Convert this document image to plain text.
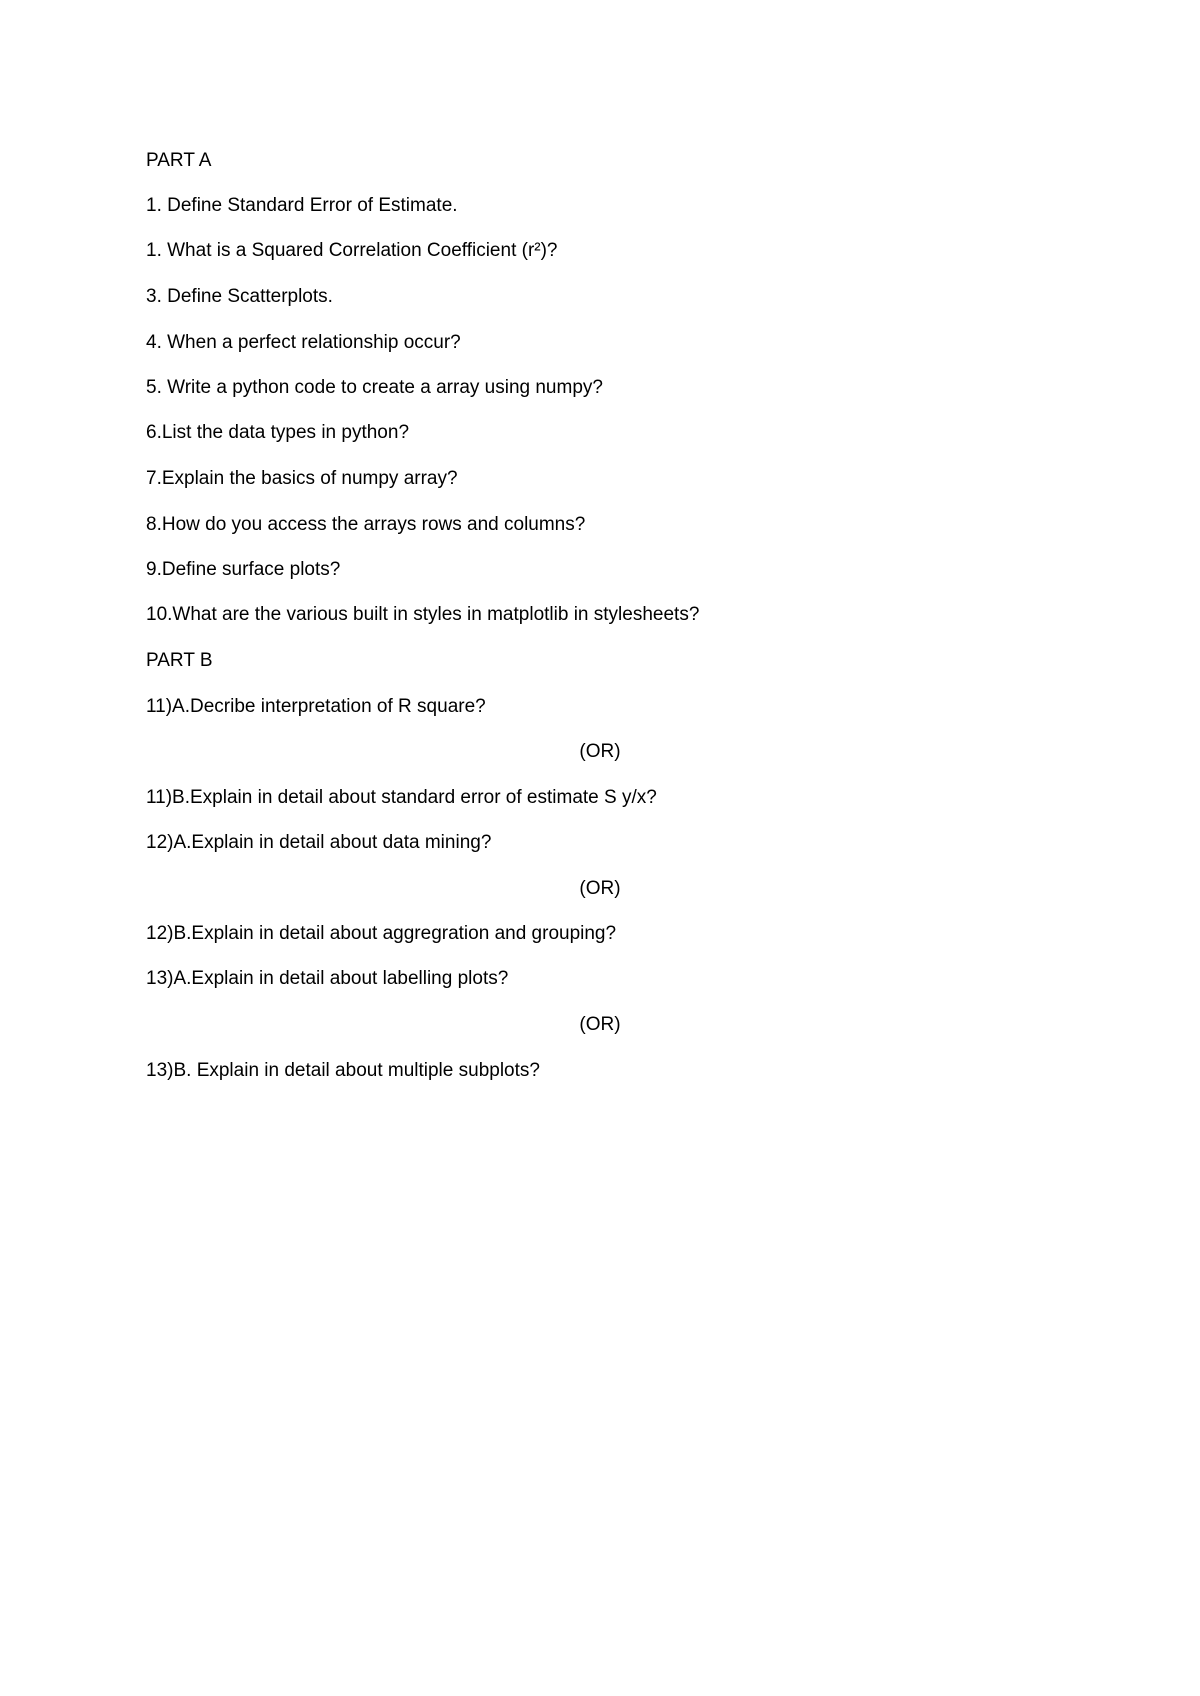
PART A
1. Define Standard Error of Estimate.
1. What is a Squared Correlation Coefficient (r²)?
3. Define Scatterplots.
4. When a perfect relationship occur?
5. Write a python code to create a array using numpy?
6.List the data types in python?
7.Explain the basics of numpy array?
8.How do you access the arrays rows and columns?
9.Define surface plots?
10.What are the various built in styles in matplotlib in stylesheets?
PART B
11)A.Decribe interpretation of R square?
(OR)
11)B.Explain in detail about standard error of estimate S y/x?
12)A.Explain in detail about data mining?
(OR)
12)B.Explain in detail about aggregration and grouping?
13)A.Explain in detail about labelling plots?
(OR)
13)B. Explain in detail about multiple subplots?
